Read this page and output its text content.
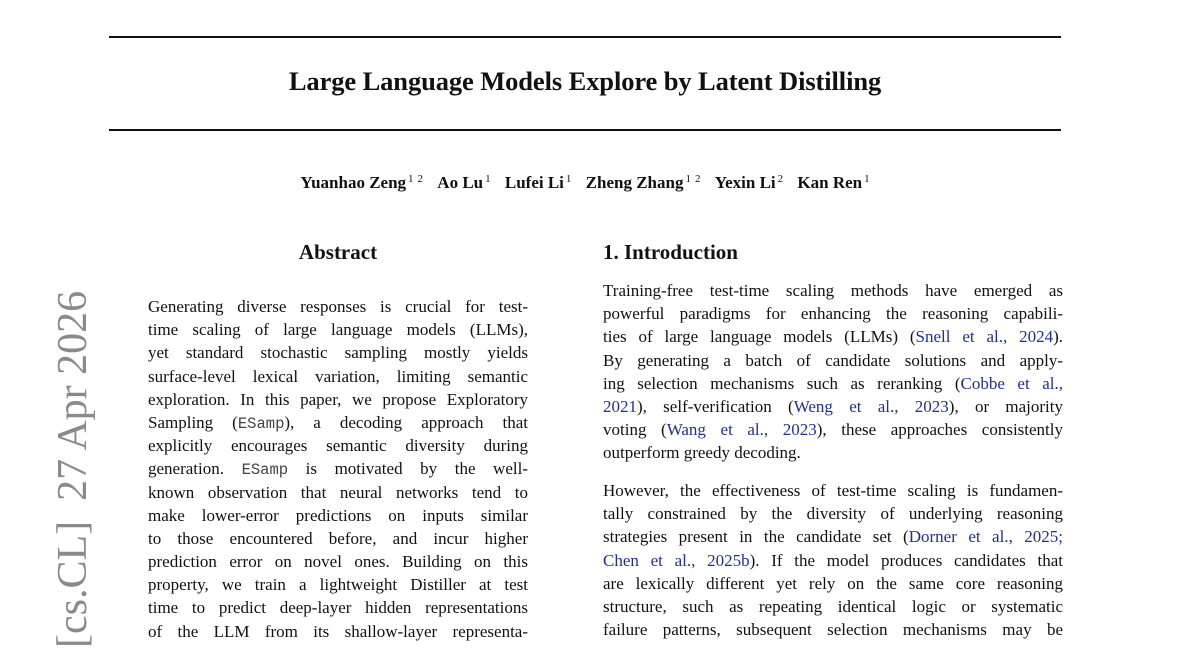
Large Language Models Explore by Latent Distilling
Yuanhao Zeng $^{1 2}$ Ao Lu $^1$ Lufei Li $^1$ Zheng Zhang $^{1 2}$ Yexin Li $^2$ Kan Ren $^1$
Abstract
Generating diverse responses is crucial for test-
time scaling of large language models (LLMs),
yet standard stochastic sampling mostly yields
surface-level lexical variation, limiting semantic
exploration. In this paper, we propose Exploratory
Sampling (ESamp), a decoding approach that
explicitly encourages semantic diversity during
generation. ESamp is motivated by the well-
known observation that neural networks tend to
make lower-error predictions on inputs similar
to those encountered before, and incur higher
prediction error on novel ones. Building on this
property, we train a lightweight Distiller at test
time to predict deep-layer hidden representations
of the LLM from its shallow-layer representa-
1. Introduction
Training-free test-time scaling methods have emerged as
powerful paradigms for enhancing the reasoning capabili-
ties of large language models (LLMs) (Snell et al., 2024).
By generating a batch of candidate solutions and apply-
ing selection mechanisms such as reranking (Cobbe et al.,
2021), self-verification (Weng et al., 2023), or majority
voting (Wang et al., 2023), these approaches consistently
outperform greedy decoding.
However, the effectiveness of test-time scaling is fundamen-
tally constrained by the diversity of underlying reasoning
strategies present in the candidate set (Dorner et al., 2025;
Chen et al., 2025b). If the model produces candidates that
are lexically different yet rely on the same core reasoning
structure, such as repeating identical logic or systematic
failure patterns, subsequent selection mechanisms may be
[cs.CL]27 Apr 2026
